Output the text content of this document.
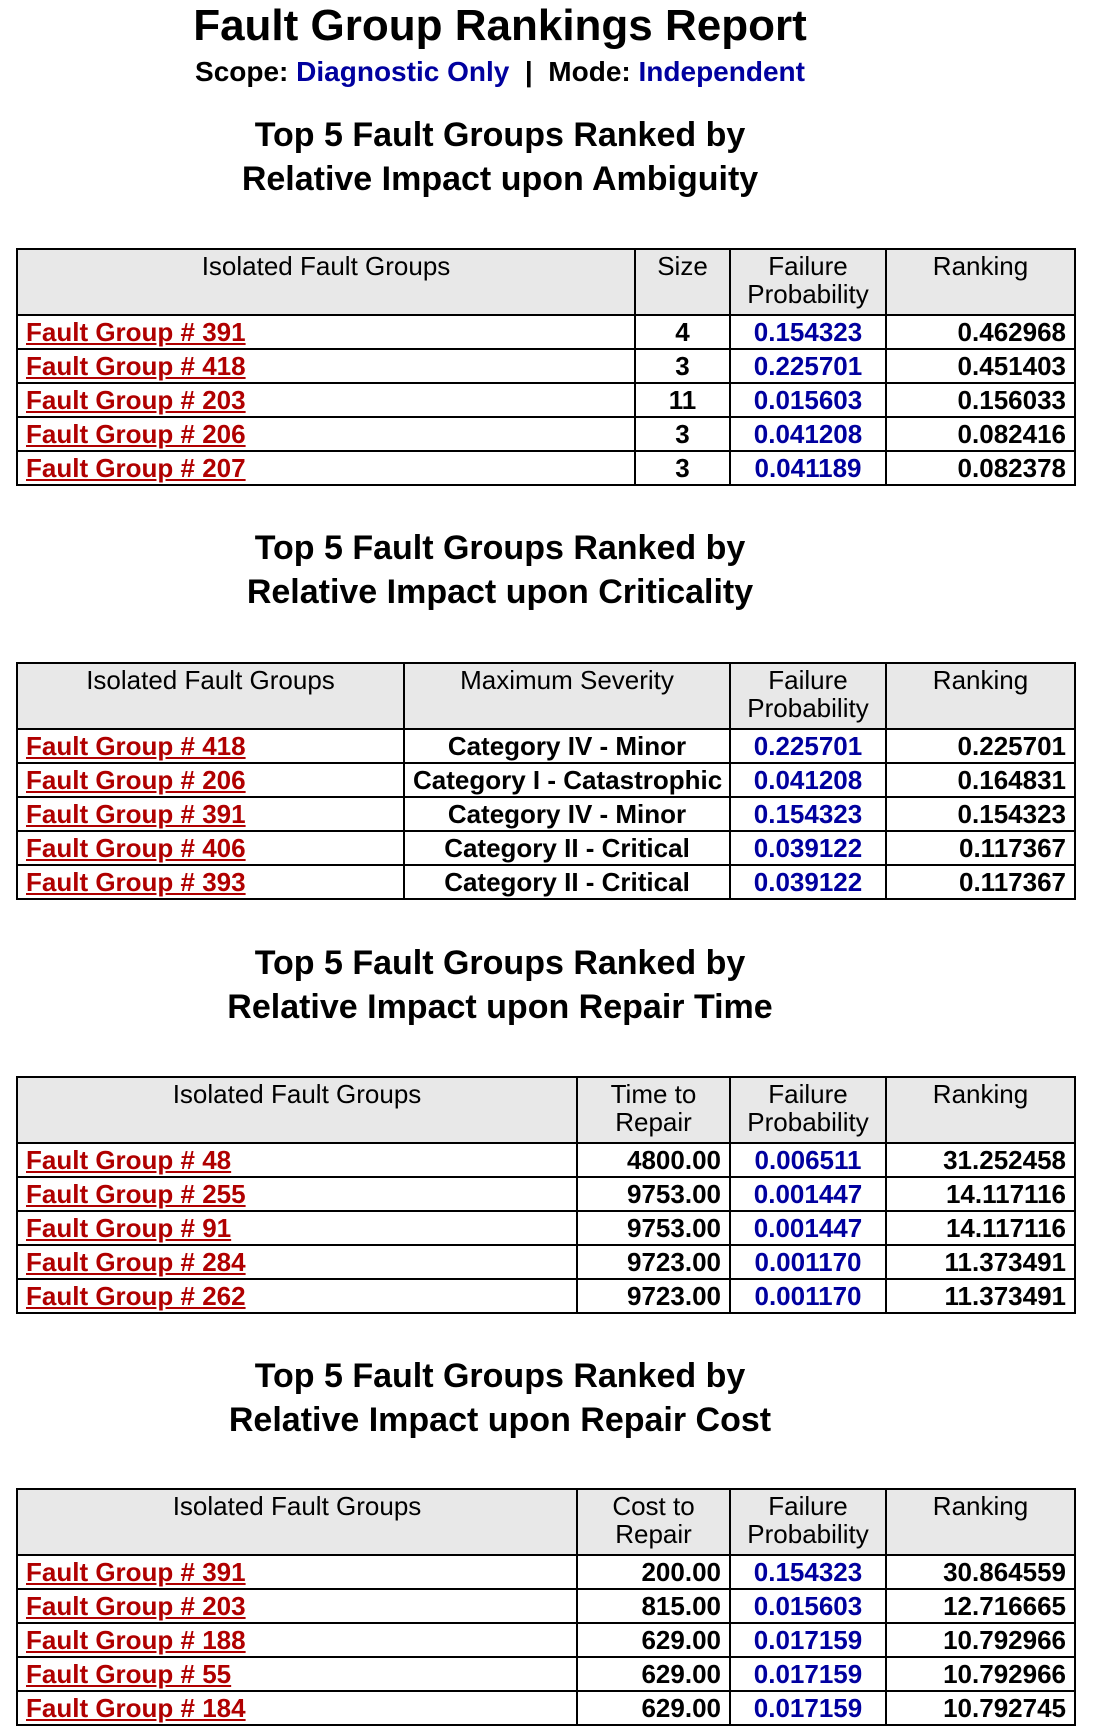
Fault Group Rankings Report
Scope: Diagnostic Only | Mode: Independent
Top 5 Fault Groups Ranked by
Relative Impact upon Ambiguity
Isolated Fault Groups	Size	Failure Probability	Ranking
Fault Group # 391	4	0.154323	0.462968
Fault Group # 418	3	0.225701	0.451403
Fault Group # 203	11	0.015603	0.156033
Fault Group # 206	3	0.041208	0.082416
Fault Group # 207	3	0.041189	0.082378
Top 5 Fault Groups Ranked by
Relative Impact upon Criticality
Isolated Fault Groups	Maximum Severity	Failure Probability	Ranking
Fault Group # 418	Category IV - Minor	0.225701	0.225701
Fault Group # 206	Category I - Catastrophic	0.041208	0.164831
Fault Group # 391	Category IV - Minor	0.154323	0.154323
Fault Group # 406	Category II - Critical	0.039122	0.117367
Fault Group # 393	Category II - Critical	0.039122	0.117367
Top 5 Fault Groups Ranked by
Relative Impact upon Repair Time
Isolated Fault Groups	Time to Repair	Failure Probability	Ranking
Fault Group # 48	4800.00	0.006511	31.252458
Fault Group # 255	9753.00	0.001447	14.117116
Fault Group # 91	9753.00	0.001447	14.117116
Fault Group # 284	9723.00	0.001170	11.373491
Fault Group # 262	9723.00	0.001170	11.373491
Top 5 Fault Groups Ranked by
Relative Impact upon Repair Cost
Isolated Fault Groups	Cost to Repair	Failure Probability	Ranking
Fault Group # 391	200.00	0.154323	30.864559
Fault Group # 203	815.00	0.015603	12.716665
Fault Group # 188	629.00	0.017159	10.792966
Fault Group # 55	629.00	0.017159	10.792966
Fault Group # 184	629.00	0.017159	10.792745
